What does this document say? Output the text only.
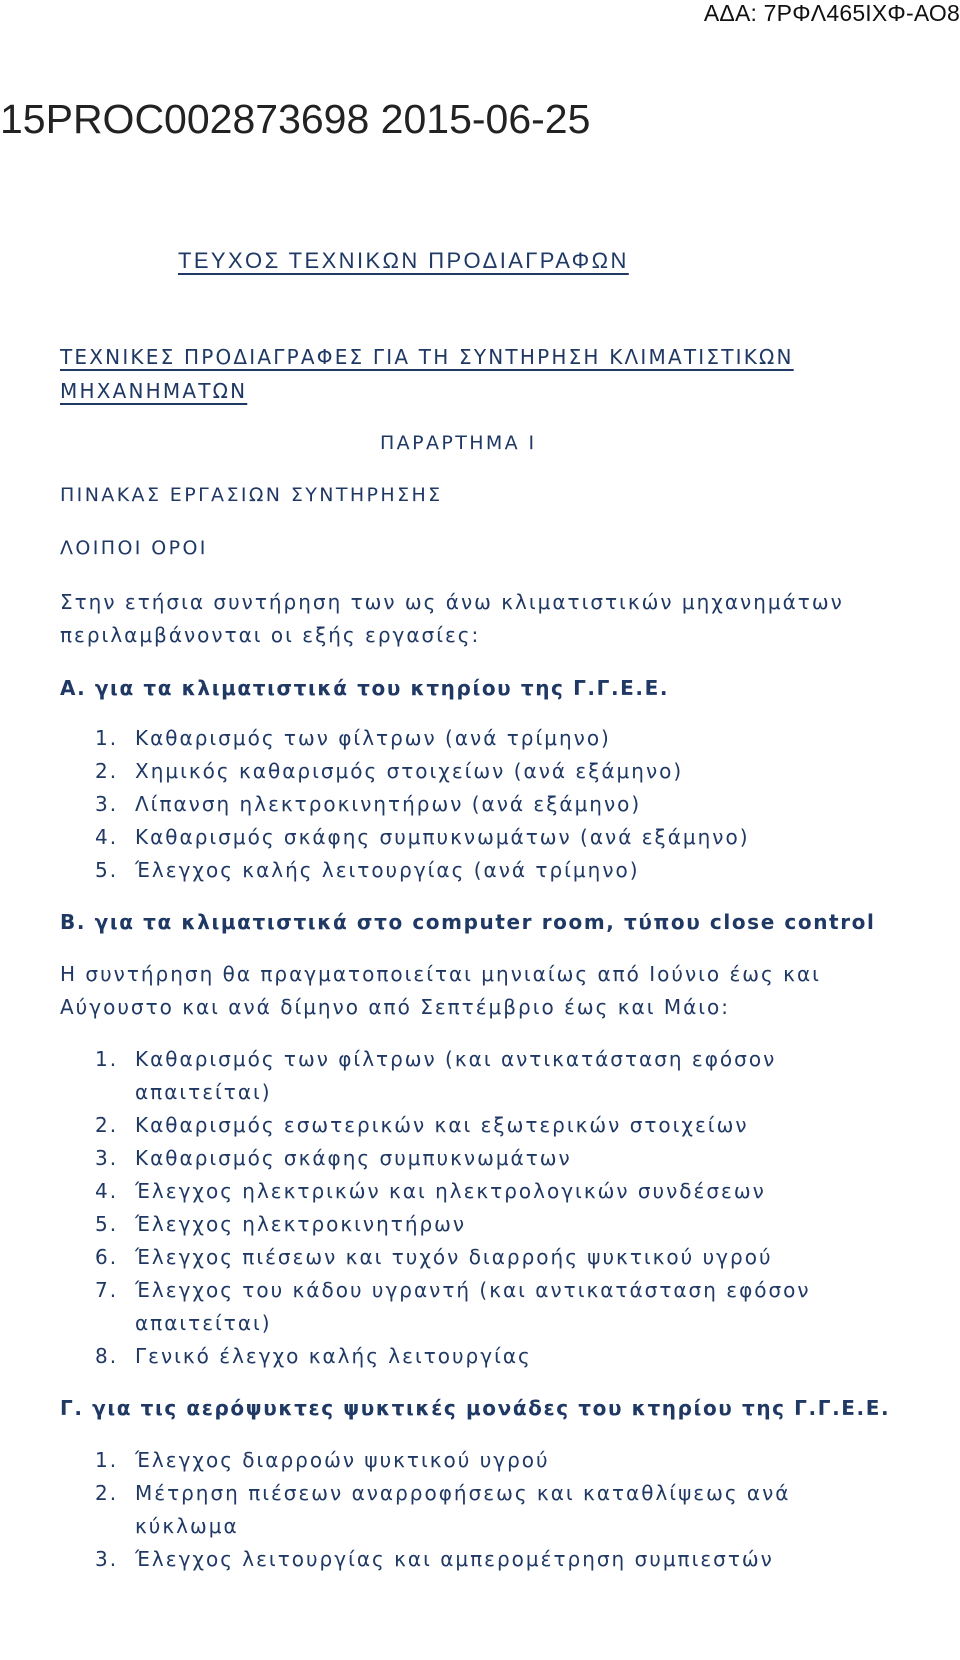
ΑΔΑ: 7ΡΦΛ465ΙΧΦ-ΑΟ8
15PROC002873698 2015-06-25
ΤΕΥΧΟΣ ΤΕΧΝΙΚΩΝ ΠΡΟΔΙΑΓΡΑΦΩΝ
ΤΕΧΝΙΚΕΣ ΠΡΟΔΙΑΓΡΑΦΕΣ ΓΙΑ ΤΗ ΣΥΝΤΗΡΗΣΗ ΚΛΙΜΑΤΙΣΤΙΚΩΝ
ΜΗΧΑΝΗΜΑΤΩΝ
ΠΑΡΑΡΤΗΜΑ Ι
ΠΙΝΑΚΑΣ ΕΡΓΑΣΙΩΝ ΣΥΝΤΗΡΗΣΗΣ
ΛΟΙΠΟΙ ΟΡΟΙ
Στην ετήσια συντήρηση των ως άνω κλιματιστικών μηχανημάτων
περιλαμβάνονται οι εξής εργασίες:
Α. για τα κλιματιστικά του κτηρίου της Γ.Γ.Ε.Ε.
1. Καθαρισμός των φίλτρων (ανά τρίμηνο)
2. Χημικός καθαρισμός στοιχείων (ανά εξάμηνο)
3. Λίπανση ηλεκτροκινητήρων (ανά εξάμηνο)
4. Καθαρισμός σκάφης συμπυκνωμάτων (ανά εξάμηνο)
5. Έλεγχος καλής λειτουργίας (ανά τρίμηνο)
Β. για τα κλιματιστικά στο computer room, τύπου close control
Η συντήρηση θα πραγματοποιείται μηνιαίως από Ιούνιο έως και
Αύγουστο και ανά δίμηνο από Σεπτέμβριο έως και Μάιο:
1. Καθαρισμός των φίλτρων (και αντικατάσταση εφόσον
απαιτείται)
2. Καθαρισμός εσωτερικών και εξωτερικών στοιχείων
3. Καθαρισμός σκάφης συμπυκνωμάτων
4. Έλεγχος ηλεκτρικών και ηλεκτρολογικών συνδέσεων
5. Έλεγχος ηλεκτροκινητήρων
6. Έλεγχος πιέσεων και τυχόν διαρροής ψυκτικού υγρού
7. Έλεγχος του κάδου υγραντή (και αντικατάσταση εφόσον
απαιτείται)
8. Γενικό έλεγχο καλής λειτουργίας
Γ. για τις αερόψυκτες ψυκτικές μονάδες του κτηρίου της Γ.Γ.Ε.Ε.
1. Έλεγχος διαρροών ψυκτικού υγρού
2. Μέτρηση πιέσεων αναρροφήσεως και καταθλίψεως ανά
κύκλωμα
3. Έλεγχος λειτουργίας και αμπερομέτρηση συμπιεστών
